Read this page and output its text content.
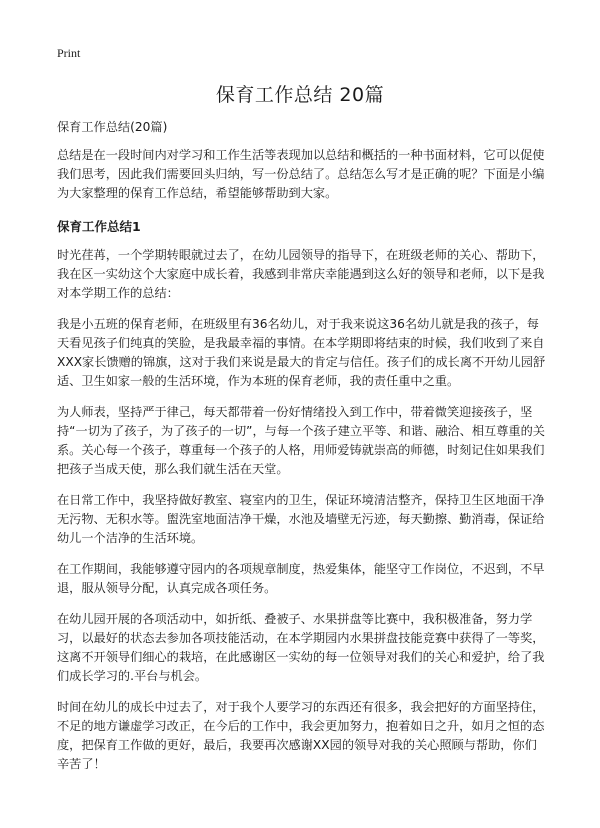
Print
保育工作总结 20篇

保育工作总结(20篇)

总结是在一段时间内对学习和工作生活等表现加以总结和概括的一种书面材料，它可以促使我们思考，因此我们需要回头归纳，写一份总结了。总结怎么写才是正确的呢？下面是小编为大家整理的保育工作总结，希望能够帮助到大家。

保育工作总结1

时光荏苒，一个学期转眼就过去了，在幼儿园领导的指导下，在班级老师的关心、帮助下，我在区一实幼这个大家庭中成长着，我感到非常庆幸能遇到这么好的领导和老师，以下是我对本学期工作的总结：

我是小五班的保育老师，在班级里有36名幼儿，对于我来说这36名幼儿就是我的孩子，每天看见孩子们纯真的笑脸，是我最幸福的事情。在本学期即将结束的时候，我们收到了来自XXX家长馈赠的锦旗，这对于我们来说是最大的肯定与信任。孩子们的成长离不开幼儿园舒适、卫生如家一般的生活环境，作为本班的保育老师，我的责任重中之重。

为人师表，坚持严于律己，每天都带着一份好情绪投入到工作中，带着微笑迎接孩子，坚持“一切为了孩子，为了孩子的一切”，与每一个孩子建立平等、和谐、融洽、相互尊重的关系。关心每一个孩子，尊重每一个孩子的人格，用师爱铸就崇高的师德，时刻记住如果我们把孩子当成天使，那么我们就生活在天堂。

在日常工作中，我坚持做好教室、寝室内的卫生，保证环境清洁整齐，保持卫生区地面干净无污物、无积水等。盥洗室地面洁净干燥，水池及墙壁无污迹，每天勤擦、勤消毒，保证给幼儿一个洁净的生活环境。

在工作期间，我能够遵守园内的各项规章制度，热爱集体，能坚守工作岗位，不迟到，不早退，服从领导分配，认真完成各项任务。

在幼儿园开展的各项活动中，如折纸、叠被子、水果拼盘等比赛中，我积极准备，努力学习，以最好的状态去参加各项技能活动，在本学期园内水果拼盘技能竞赛中获得了一等奖，这离不开领导们细心的栽培，在此感谢区一实幼的每一位领导对我们的关心和爱护，给了我们成长学习的.平台与机会。

时间在幼儿的成长中过去了，对于我个人要学习的东西还有很多，我会把好的方面坚持住，不足的地方谦虚学习改正，在今后的工作中，我会更加努力，抱着如日之升，如月之恒的态度，把保育工作做的更好，最后，我要再次感谢XX园的领导对我的关心照顾与帮助，你们辛苦了！
